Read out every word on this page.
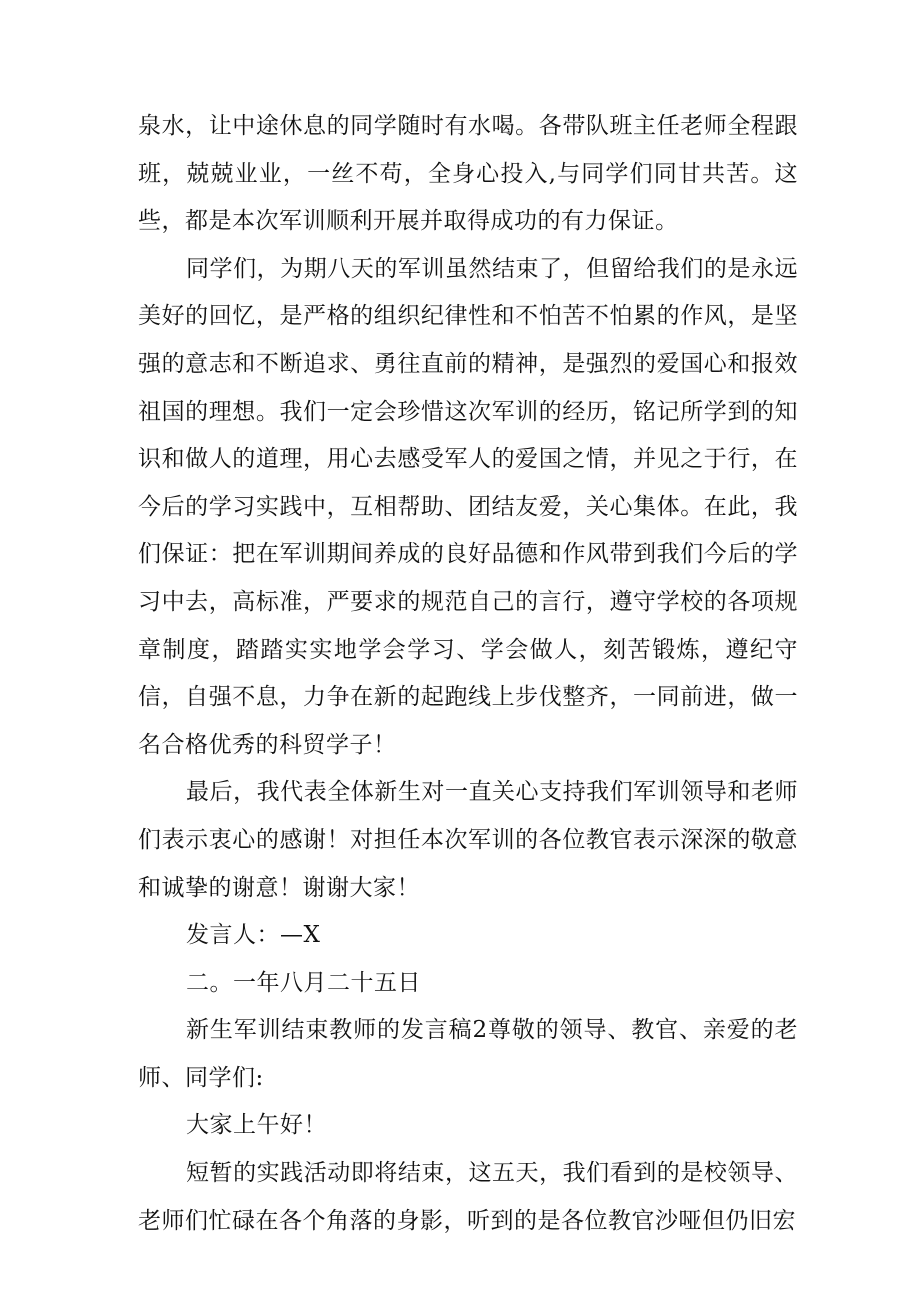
泉水，让中途休息的同学随时有水喝。各带队班主任老师全程跟班，兢兢业业，一丝不苟，全身心投入,与同学们同甘共苦。这些，都是本次军训顺利开展并取得成功的有力保证。

同学们，为期八天的军训虽然结束了，但留给我们的是永远美好的回忆，是严格的组织纪律性和不怕苦不怕累的作风，是坚强的意志和不断追求、勇往直前的精神，是强烈的爱国心和报效祖国的理想。我们一定会珍惜这次军训的经历，铭记所学到的知识和做人的道理，用心去感受军人的爱国之情，并见之于行，在今后的学习实践中，互相帮助、团结友爱，关心集体。在此，我们保证：把在军训期间养成的良好品德和作风带到我们今后的学习中去，高标准，严要求的规范自己的言行，遵守学校的各项规章制度，踏踏实实地学会学习、学会做人，刻苦锻炼，遵纪守信，自强不息，力争在新的起跑线上步伐整齐，一同前进，做一名合格优秀的科贸学子！

最后，我代表全体新生对一直关心支持我们军训领导和老师们表示衷心的感谢！对担任本次军训的各位教官表示深深的敬意和诚挚的谢意！谢谢大家！

发言人：—X

二。一年八月二十五日

新生军训结束教师的发言稿2尊敬的领导、教官、亲爱的老师、同学们:

大家上午好！

短暂的实践活动即将结束，这五天，我们看到的是校领导、老师们忙碌在各个角落的身影，听到的是各位教官沙哑但仍旧宏
